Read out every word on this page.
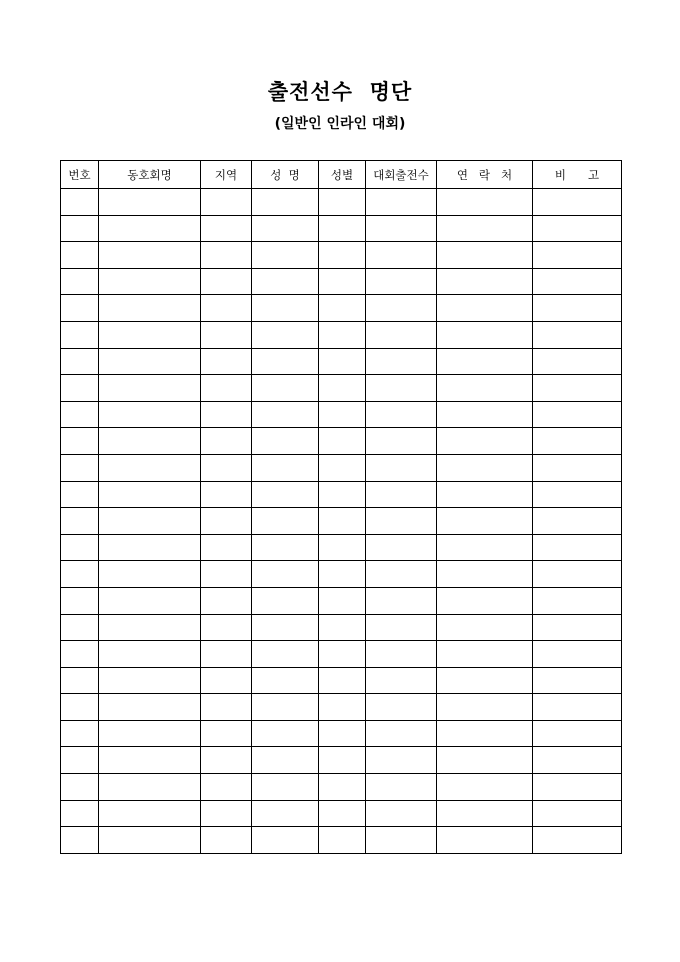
출전선수  명단
(일반인 인라인 대회)
번호	동호회명	지역	성  명	성별	대회출전수	연   락   처	비      고
